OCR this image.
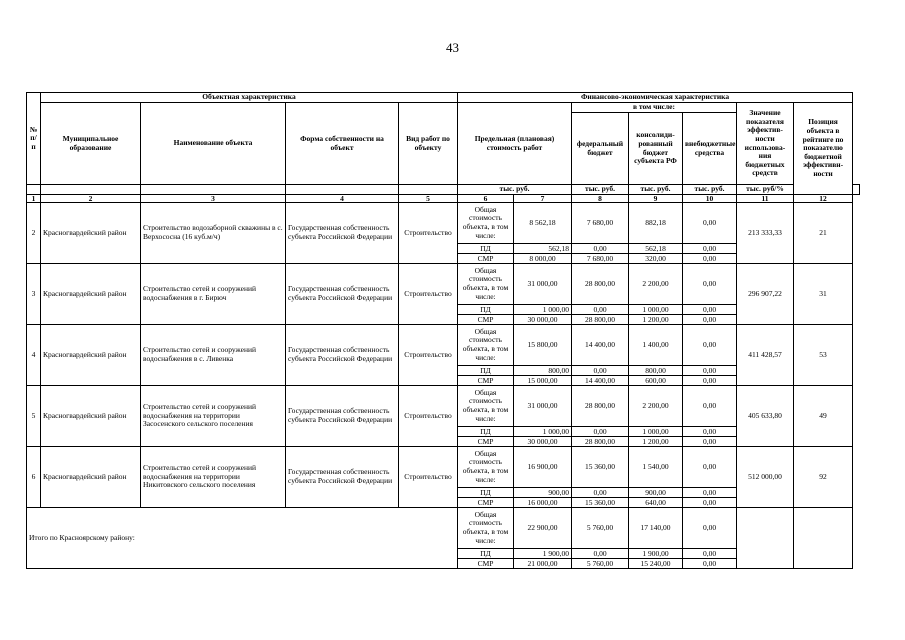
43
№ п/п	Объектная характеристика				Финансово-экономическая характеристика							
	Муниципальное образование	Наименование объекта	Форма собственности на объект	Вид работ по объекту	Предельная (плановая) стоимость работ		в том числе:			Значение показателя эффектив-ности использова-ния бюджетных средств	Позиция объекта в рейтинге по показателю бюджетной эффективн-ности	
							федеральный бюджет	консолиди-рованный бюджет субъекта РФ	внебюджетные средства			
					тыс. руб.		тыс. руб.	тыс. руб.	тыс. руб.	тыс. руб/%		
1	2	3	4	5	6	7	8	9	10	11	12	
2	Красногвардейский район	Строительство водозаборной скважины в с. Верхососна (16 куб.м/ч)	Государственная собственность субъекта Российской Федерации	Строительство	Общая стоимость объекта, в том числе:	8 562,18	7 680,00	882,18	0,00	213 333,33	21	
					ПД	562,18	0,00	562,18	0,00			
					СМР	8 000,00	7 680,00	320,00	0,00			
3	Красногвардейский район	Строительство сетей и сооружений водоснабжения в г. Бирюч	Государственная собственность субъекта Российской Федерации	Строительство	Общая стоимость объекта, в том числе:	31 000,00	28 800,00	2 200,00	0,00	296 907,22	31	
					ПД	1 000,00	0,00	1 000,00	0,00			
					СМР	30 000,00	28 800,00	1 200,00	0,00			
4	Красногвардейский район	Строительство сетей и сооружений водоснабжения в с. Ливенка	Государственная собственность субъекта Российской Федерации	Строительство	Общая стоимость объекта, в том числе:	15 800,00	14 400,00	1 400,00	0,00	411 428,57	53	
					ПД	800,00	0,00	800,00	0,00			
					СМР	15 000,00	14 400,00	600,00	0,00			
5	Красногвардейский район	Строительство сетей и сооружений водоснабжения на территории Засосенского сельского поселения	Государственная собственность субъекта Российской Федерации	Строительство	Общая стоимость объекта, в том числе:	31 000,00	28 800,00	2 200,00	0,00	405 633,80	49	
					ПД	1 000,00	0,00	1 000,00	0,00			
					СМР	30 000,00	28 800,00	1 200,00	0,00			
6	Красногвардейский район	Строительство сетей и сооружений водоснабжения на территории Никитовского сельского поселения	Государственная собственность субъекта Российской Федерации	Строительство	Общая стоимость объекта, в том числе:	16 900,00	15 360,00	1 540,00	0,00	512 000,00	92	
					ПД	900,00	0,00	900,00	0,00			
					СМР	16 000,00	15 360,00	640,00	0,00			
Итого по Красноярскому району:					Общая стоимость объекта, в том числе:	22 900,00	5 760,00	17 140,00	0,00			
					ПД	1 900,00	0,00	1 900,00	0,00			
					СМР	21 000,00	5 760,00	15 240,00	0,00			
